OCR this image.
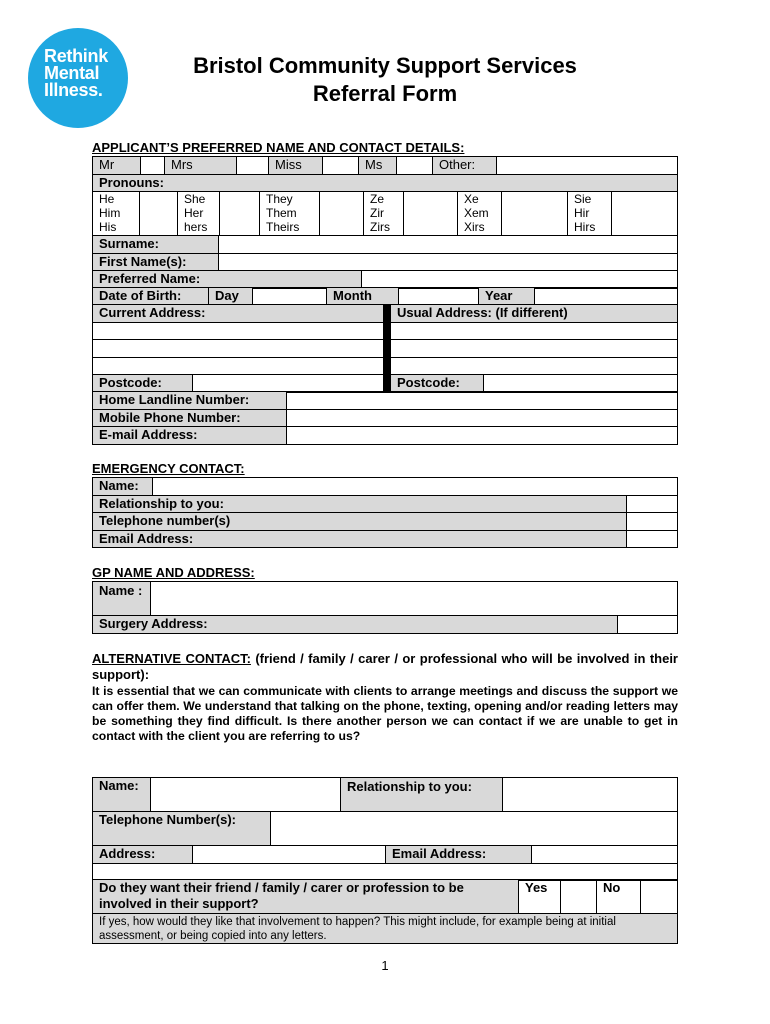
Rethink
Mental
Illness.
Bristol Community Support Services
Referral Form
APPLICANT’S PREFERRED NAME AND CONTACT DETAILS:
Mr		Mrs		Miss		Ms		Other:	
Pronouns:
He
Him
His

She
Her
hers

They
Them
Theirs

Ze
Zir
Zirs

Xe
Xem
Xirs

Sie
Hir
Hirs

Surname:	
First Name(s):	
Preferred Name:	
Date of Birth:	Day		Month		Year	
Current Address:		Usual Address: (If different)

Postcode:		Postcode:
Home Landline Number:	
Mobile Phone Number:	
E-mail Address:	
EMERGENCY CONTACT:
Name:		
Relationship to you:		
Telephone number(s)		
Email Address:		
GP NAME AND ADDRESS:
Name :		
Surgery Address:		
ALTERNATIVE CONTACT: (friend / family / carer / or professional who will be involved in their support):
It is essential that we can communicate with clients to arrange meetings and discuss the support we can offer them. We understand that talking on the phone, texting, opening and/or reading letters may be something they find difficult. Is there another person we can contact if we are unable to get in contact with the client you are referring to us?
Name:		Relationship to you:	
Telephone Number(s):	
Address:		Email Address:	

Do they want their friend / family / carer or profession to be involved in their support?	Yes		No	
If yes, how would they like that involvement to happen? This might include, for example being at initial assessment, or being copied into any letters.
1
